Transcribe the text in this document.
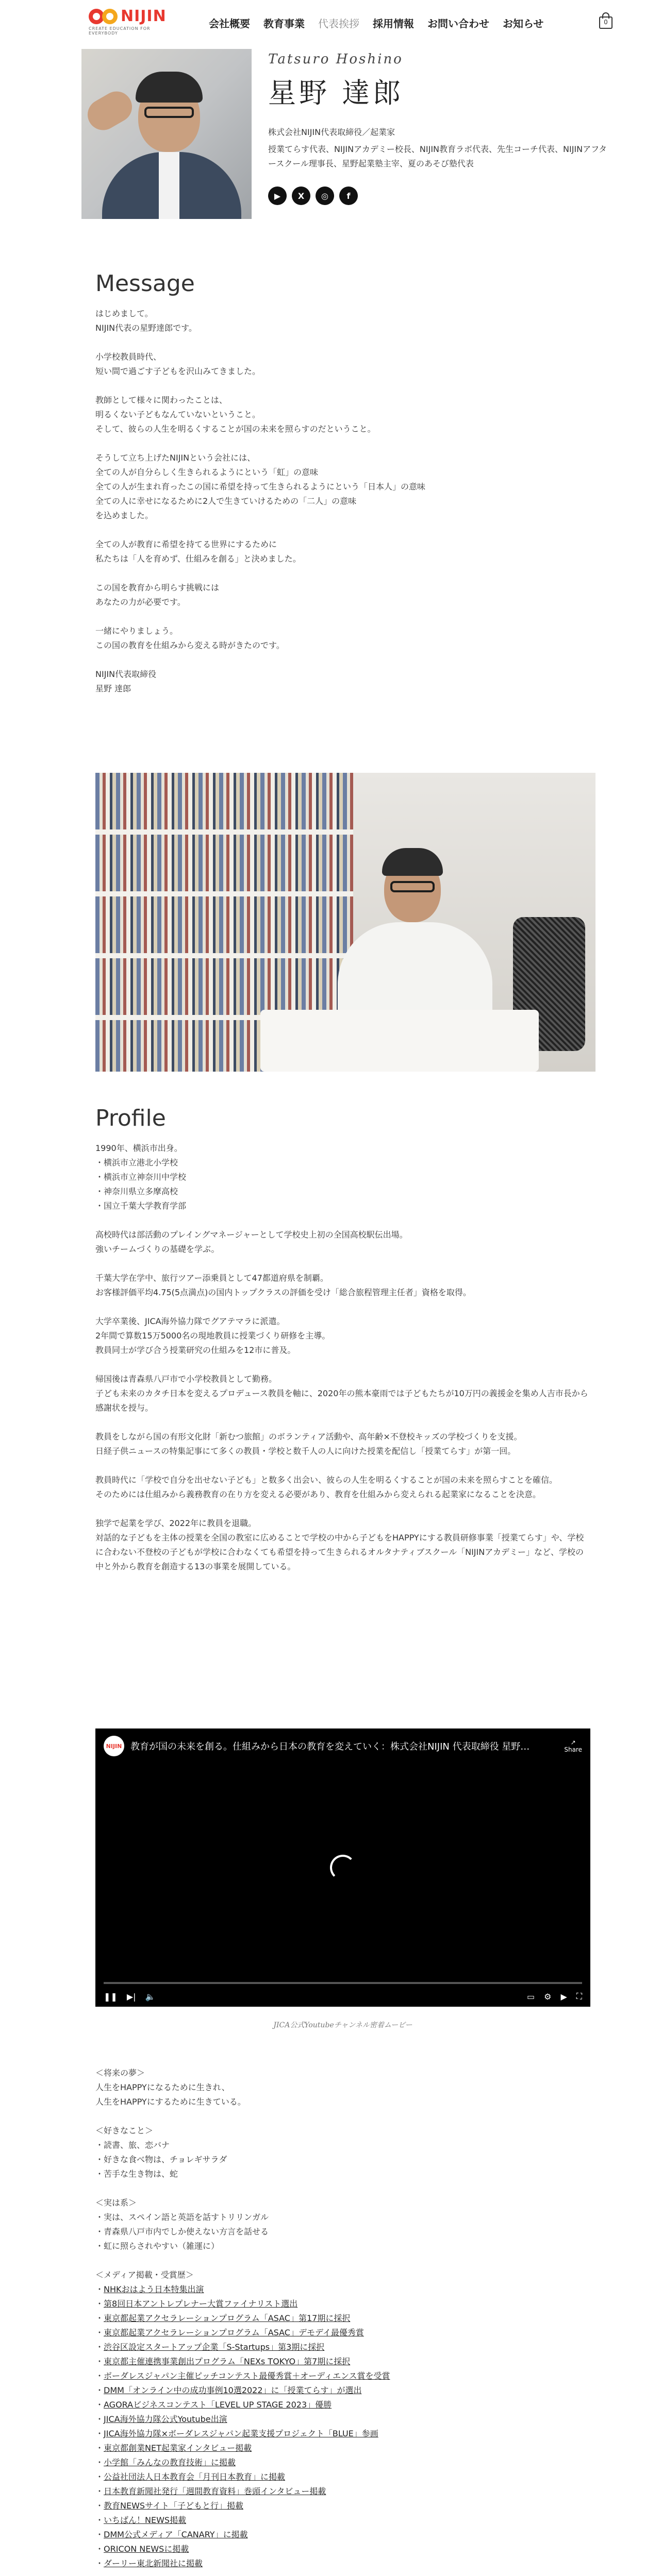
NIJIN
CREATE EDUCATION FOR EVERYBODY
会社概要 教育事業 代表挨拶 採用情報 お問い合わせ お知らせ	0
Tatsuro Hoshino
星野 達郎
株式会社NIJIN代表取締役／起業家
授業てらす代表、NIJINアカデミー校長、NIJIN教育ラボ代表、先生コーチ代表、NIJINアフタースクール理事長、星野起業塾主宰、夏のあそび塾代表
▶	X	◎	f
Message
はじめまして。
NIJIN代表の星野達郎です。

小学校教員時代、
短い間で過ごす子どもを沢山みてきました。

教師として様々に関わったことは、
明るくない子どもなんていないということ。
そして、彼らの人生を明るくすることが国の未来を照らすのだということ。

そうして立ち上げたNIJINという会社には、
全ての人が自分らしく生きられるようにという「虹」の意味
全ての人が生まれ育ったこの国に希望を持って生きられるようにという「日本人」の意味
全ての人に幸せになるために2人で生きていけるための「二人」の意味
を込めました。

全ての人が教育に希望を持てる世界にするために
私たちは「人を育めず、仕組みを創る」と決めました。

この国を教育から明らす挑戦には
あなたの力が必要です。

一緒にやりましょう。
この国の教育を仕組みから変える時がきたのです。

NIJIN代表取締役
星野 達郎
Profile
1990年、横浜市出身。
・横浜市立港北小学校
・横浜市立神奈川中学校
・神奈川県立多摩高校
・国立千葉大学教育学部

高校時代は部活動のプレイングマネージャーとして学校史上初の全国高校駅伝出場。
強いチームづくりの基礎を学ぶ。

千葉大学在学中、旅行ツアー添乗員として47都道府県を制覇。
お客様評価平均4.75(5点満点)の国内トップクラスの評価を受け「総合旅程管理主任者」資格を取得。

大学卒業後、JICA海外協力隊でグアテマラに派遣。
2年間で算数15万5000名の現地教員に授業づくり研修を主導。
教員同士が学び合う授業研究の仕組みを12市に普及。

帰国後は青森県八戸市で小学校教員として勤務。
子ども未来のカタチ日本を変えるプロデュース教員を軸に、2020年の熊本豪雨では子どもたちが10万円の義援金を集め人吉市長から感謝状を授与。

教員をしながら国の有形文化財「新むつ旅館」のボランティア活動や、高年齢×不登校キッズの学校づくりを支援。
日経子供ニュースの特集記事にて多くの教員・学校と数千人の人に向けた授業を配信し「授業てらす」が第一回。

教員時代に「学校で自分を出せない子ども」と数多く出会い、彼らの人生を明るくすることが国の未来を照らすことを確信。
そのためには仕組みから義務教育の在り方を変える必要があり、教育を仕組みから変えられる起業家になることを決意。

独学で起業を学び、2022年に教員を退職。
対話的な子どもを主体の授業を全国の教室に広めることで学校の中から子どもをHAPPYにする教員研修事業「授業てらす」や、学校に合わない不登校の子どもが学校に合わなくても希望を持って生きられるオルタナティブスクール「NIJINアカデミー」など、学校の中と外から教育を創造する13の事業を展開している。
NIJIN 教育が国の未来を創る。仕組みから日本の教育を変えていく：株式会社NIJIN 代表取締役 星野…	↗
Share
❚❚ ▶| 🔈	▭ ⚙ ▶ ⛶
JICA公式Youtubeチャンネル密着ムービー
＜将来の夢＞
人生をHAPPYになるために生きれ、
人生をHAPPYにするために生きている。
＜好きなこと＞
・読書、旅、恋バナ
・好きな食べ物は、チョレギサラダ
・苦手な生き物は、蛇
＜実は系＞
・実は、スペイン語と英語を話すトリリンガル
・青森県八戸市内でしか使えない方言を話せる
・虹に照らされやすい（雑運に）
＜メディア掲載・受賞歴＞
・NHKおはよう日本特集出演
・第8回日本アントレプレナー大賞ファイナリスト選出
・東京都起業アクセラレーションプログラム「ASAC」第17期に採択
・東京都起業アクセラレーションプログラム「ASAC」デモデイ最優秀賞
・渋谷区設定スタートアップ企業「S-Startups」第3期に採択
・東京都主催連携事業創出プログラム「NEXs TOKYO」第7期に採択
・ボーダレスジャパン主催ピッチコンテスト最優秀賞＋オーディエンス賞を受賞
・DMM「オンライン中の成功事例10選2022」に「授業てらす」が選出
・AGORAビジネスコンテスト「LEVEL UP STAGE 2023」優勝
・JICA海外協力隊公式Youtube出演
・JICA海外協力隊×ボーダレスジャパン起業支援プロジェクト「BLUE」参画
・東京都創業NET起業家インタビュー掲載
・小学館「みんなの教育技術」に掲載
・公益社団法人日本教育会「月刊日本教育」に掲載
・日本教育新聞社発行「週間教育資料」巻頭インタビュー掲載
・教育NEWSサイト「子どもと行」掲載
・いちばん！NEWS掲載
・DMM公式メディア「CANARY」に掲載
・ORICON NEWSに掲載
・ダーリー東北新聞社に掲載
